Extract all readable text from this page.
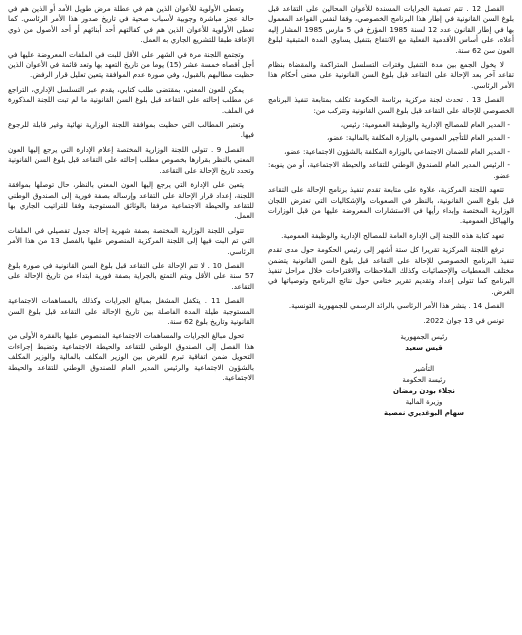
وتعطى الأولوية للأعوان الذين هم في عطلة مرض طويل الأمد أو الذين هم في حالة عجز مباشرة وجوبية لأسباب صحية في تاريخ صدور هذا الأمر الرئاسي. كما تعطى الأولوية للأعوان الذين هم في كفالتهم أحد أبنائهم أو أحد الأصول من ذوي الإعاقة طبقا للتشريع الجاري به العمل.

وتجتمع اللجنة مرة في الشهر على الأقل للبت في الملفات المعروضة عليها في أجل أقصاه خمسة عشر (15) يوما من تاريخ التعهد بها وتعد قائمة في الأعوان الذين حظيت مطالبهم بالقبول، وفي صورة عدم الموافقة يتعين تعليل قرار الرفض.

يمكن للعون المعني، بمقتضى طلب كتابي، يقدم عبر التسلسل الإداري، التراجع عن مطلب إحالته على التقاعد قبل بلوغ السن القانونية ما لم تبت اللجنة المذكورة في الملف.

وتعتبر المطالب التي حظيت بموافقة اللجنة الوزارية نهائية وغير قابلة للرجوع فيها.

الفصل 9 . تتولى اللجنة الوزارية المختصة إعلام الإدارة التي يرجع إليها العون المعني بالنظر بقرارها بخصوص مطلب إحالته على التقاعد قبل بلوغ السن القانونية وتحدد تاريخ الإحالة على التقاعد.

يتعين على الإدارة التي يرجع إليها العون المعني بالنظر، حال توصلها بموافقة اللجنة، إعداد قرار الإحالة على التقاعد وإرساله بصفة فورية إلى الصندوق الوطني للتقاعد والحيطة الاجتماعية مرفقا بالوثائق المستوجبة وفقا للتراتيب الجاري بها العمل.

تتولى اللجنة الوزارية المختصة بصفة شهرية إحالة جدول تفصيلي في الملفات التي تم البت فيها إلى اللجنة المركزية المنصوص عليها بالفصل 13 من هذا الأمر الرئاسي.

الفصل 10 . لا تتم الإحالة على التقاعد قبل بلوغ السن القانونية في صورة بلوغ 57 سنة على الأقل ويتم التمتع بالجراية بصفة فورية ابتداء من تاريخ الإحالة على التقاعد.

الفصل 11 . يتكفل المشغل بمبالغ الجرايات وكذلك بالمساهمات الاجتماعية المستوجبة طيلة المدة الفاصلة بين تاريخ الإحالة على التقاعد قبل بلوغ السن القانونية وتاريخ بلوغ 62 سنة.

تحول مبالغ الجرايات والمساهمات الاجتماعية المنصوص عليها بالفقرة الأولى من هذا الفصل إلى الصندوق الوطني للتقاعد والحيطة الاجتماعية وتضبط إجراءات التحويل ضمن اتفاقية تبرم للغرض بين الوزير المكلف بالمالية والوزير المكلف بالشؤون الاجتماعية والرئيس المدير العام للصندوق الوطني للتقاعد والحيطة الاجتماعية.

الفصل 12 . تتم تصفية الجرايات المسندة للأعوان المحالين على التقاعد قبل بلوغ السن القانونية في إطار هذا البرنامج الخصوصي، وفقا لنفس القواعد المعمول بها في إطار القانون عدد 12 لسنة 1985 المؤرخ في 5 مارس 1985 المشار إليه أعلاه، على أساس الأقدمية الفعلية مع الانتفاع بتنفيل يساوي المدة المتبقية لبلوغ العون سن 62 سنة.

لا يخول الجمع بين مدة التنفيل وفترات التسلسل المتراكمة والمقضاة بنظام تقاعد آخر بعد الإحالة على التقاعد قبل بلوغ السن القانونية على معنى أحكام هذا الأمر الرئاسي.

الفصل 13 . تحدث لجنة مركزية برئاسة الحكومة تكلف بمتابعة تنفيذ البرنامج الخصوصي للإحالة على التقاعد قبل بلوغ السن القانونية وتتركب من:

- المدير العام للمصالح الإدارية والوظيفة العمومية: رئيس،
- المدير العام للتأجير العمومي بالوزارة المكلفة بالمالية: عضو،
- المدير العام للضمان الاجتماعي بالوزارة المكلفة بالشؤون الاجتماعية: عضو،
- الرئيس المدير العام للصندوق الوطني للتقاعد والحيطة الاجتماعية، أو من ينوبه: عضو.

تتعهد اللجنة المركزية، علاوة على متابعة تقدم تنفيذ برنامج الإحالة على التقاعد قبل بلوغ السن القانونية، بالنظر في الصعوبات والإشكاليات التي تعترض اللجان الوزارية المختصة وإبداء رأيها في الاستشارات المعروضة عليها من قبل الوزارات والهياكل العمومية.

تعهد كتابة هذه اللجنة إلى الإدارة العامة للمصالح الإدارية والوظيفة العمومية.

ترفع اللجنة المركزية تقريرا كل ستة أشهر إلى رئيس الحكومة حول مدى تقدم تنفيذ البرنامج الخصوصي للإحالة على التقاعد قبل بلوغ السن القانونية يتضمن مختلف المعطيات والإحصائيات وكذلك الملاحظات والاقتراحات خلال مراحل تنفيذ البرنامج كما تتولى إعداد وتقديم تقرير ختامي حول نتائج البرنامج وتوصياتها في الغرض.

الفصل 14 . ينشر هذا الأمر الرئاسي بالرائد الرسمي للجمهورية التونسية.

تونس في 13 جوان 2022.

رئيس الجمهورية
قيس سعيد
التأشير
رئيسة الحكومة
نجلاء بودن رمضان
وزيرة المالية
سهام البوغديري نمصية
